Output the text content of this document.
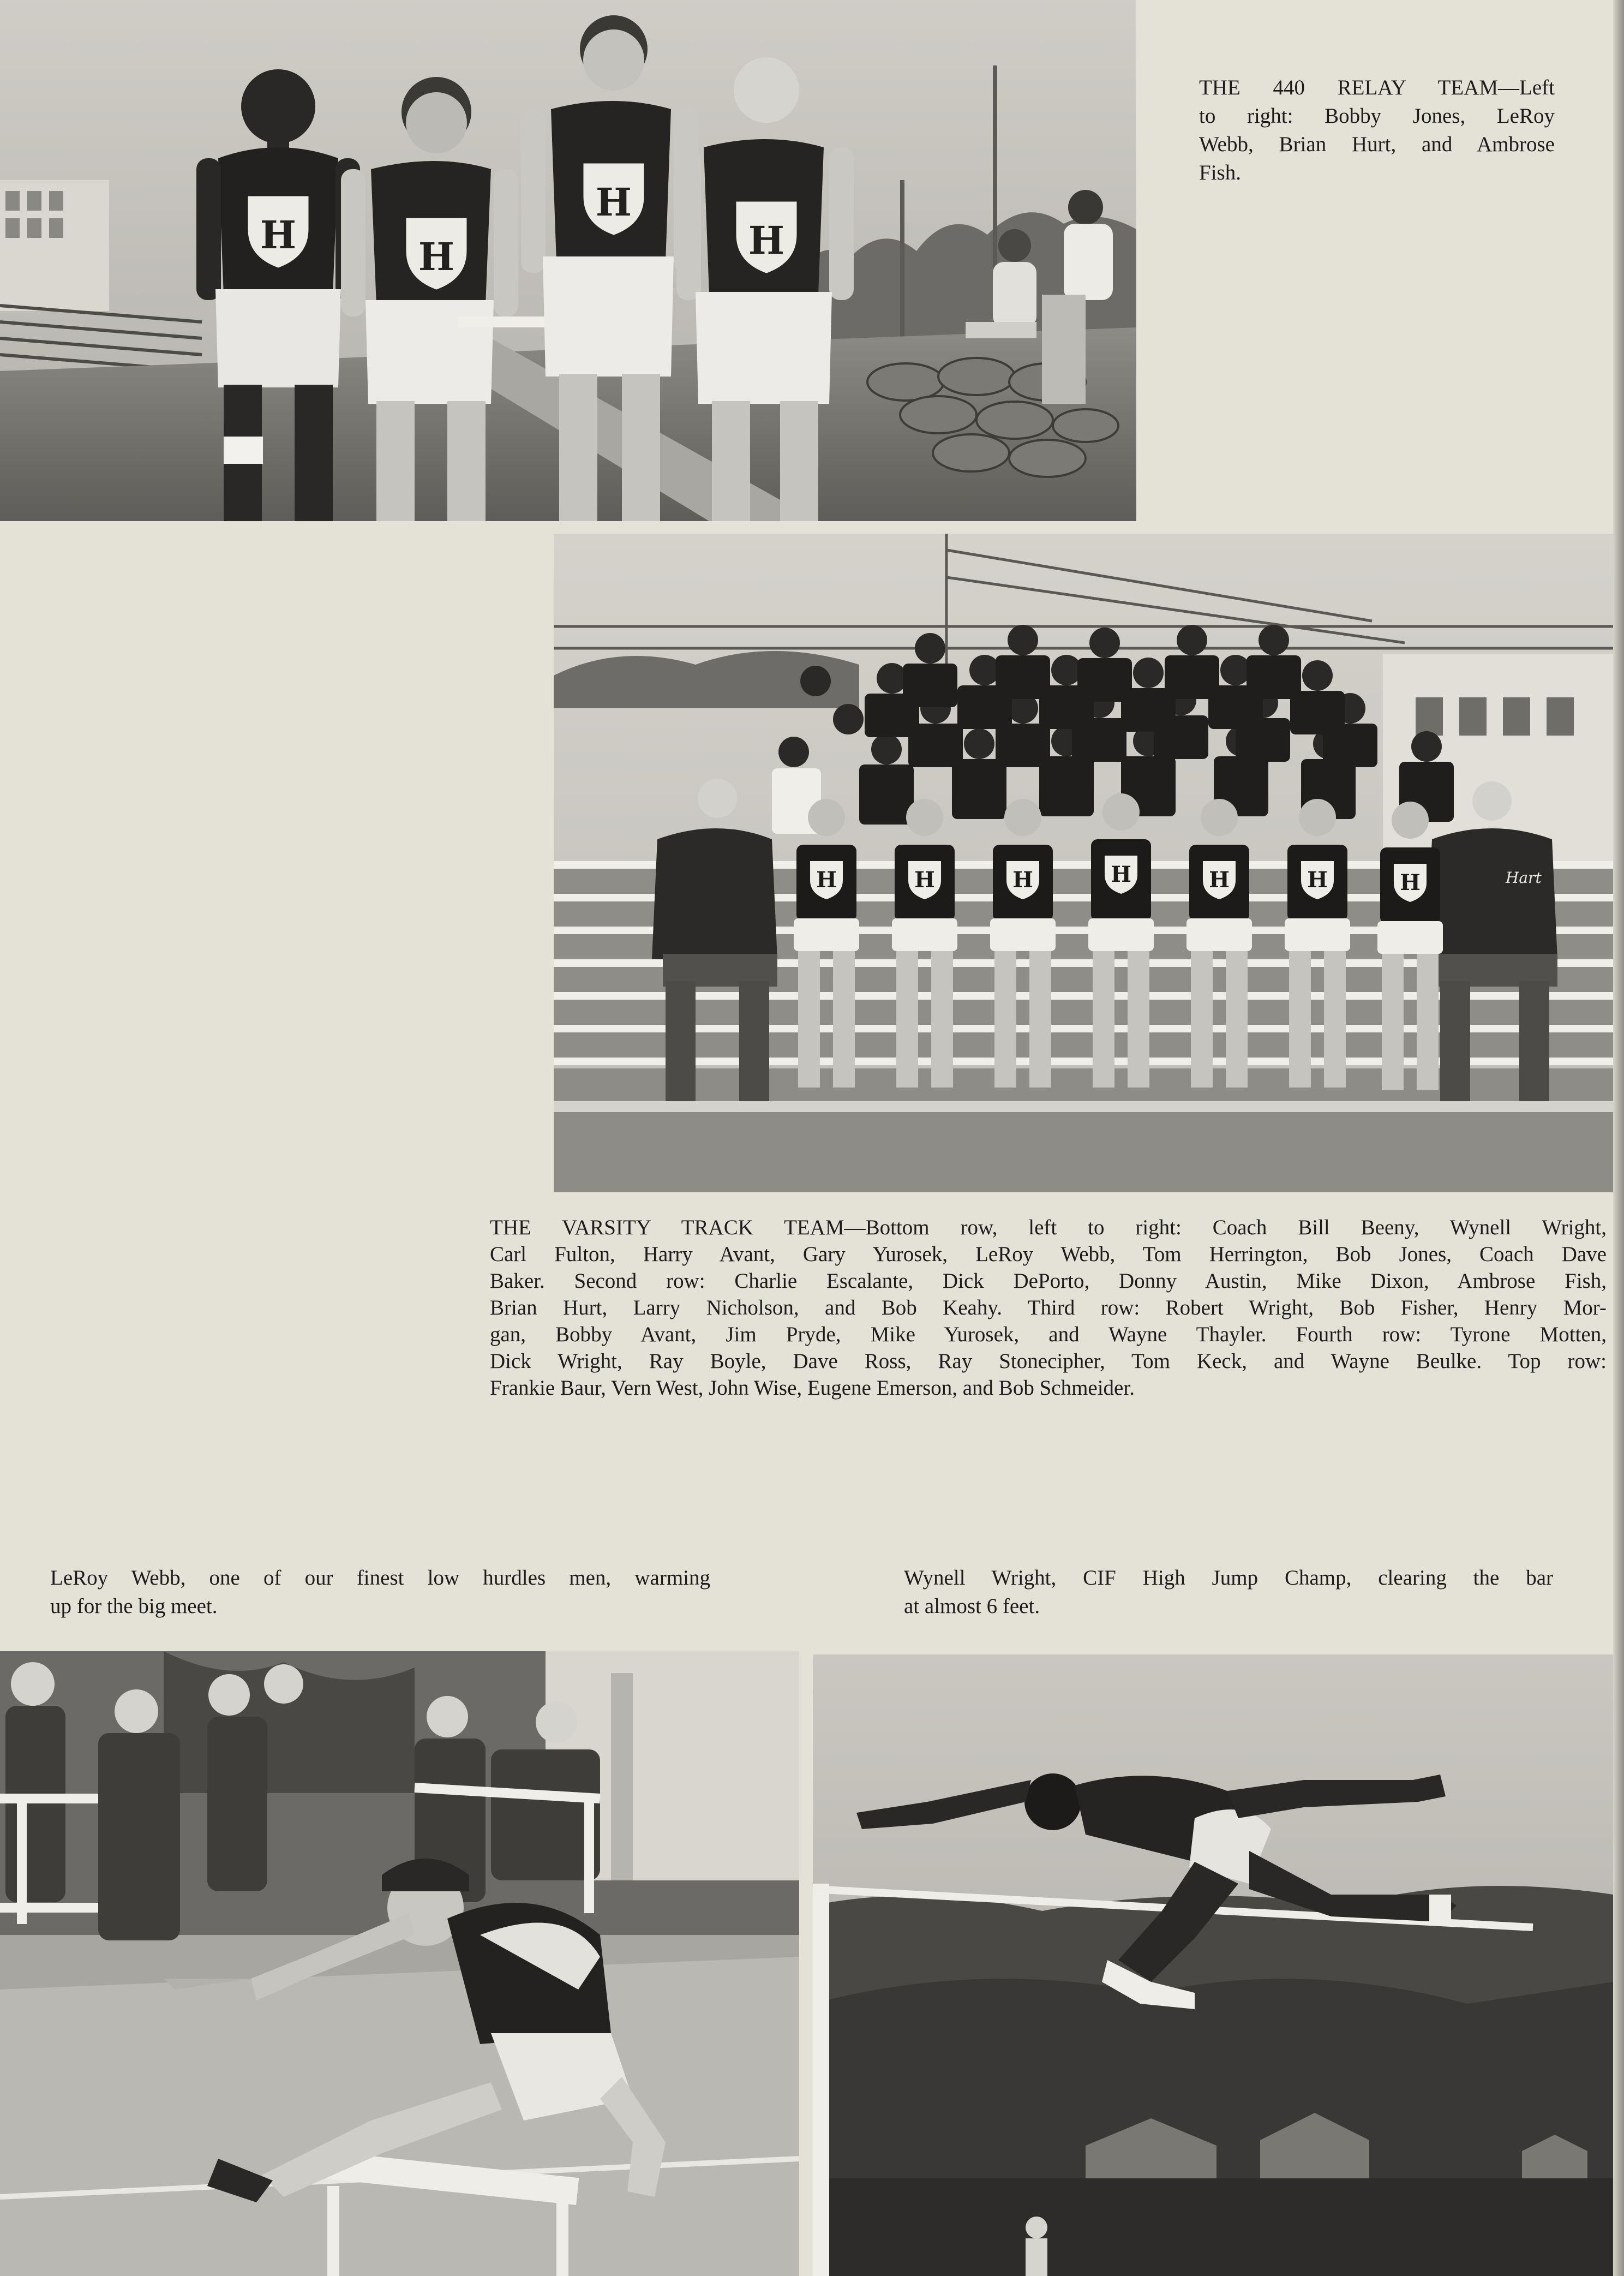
H	H
H
H
THE 440 RELAY TEAM—Left
to right: Bobby Jones, LeRoy
Webb, Brian Hurt, and Ambrose
Fish.
Hart
H	H	H	H	H	H	H
THE VARSITY TRACK TEAM—Bottom row, left to right: Coach Bill Beeny, Wynell Wright,
Carl Fulton, Harry Avant, Gary Yurosek, LeRoy Webb, Tom Herrington, Bob Jones, Coach Dave
Baker. Second row: Charlie Escalante, Dick DePorto, Donny Austin, Mike Dixon, Ambrose Fish,
Brian Hurt, Larry Nicholson, and Bob Keahy. Third row: Robert Wright, Bob Fisher, Henry Mor-
gan, Bobby Avant, Jim Pryde, Mike Yurosek, and Wayne Thayler. Fourth row: Tyrone Motten,
Dick Wright, Ray Boyle, Dave Ross, Ray Stonecipher, Tom Keck, and Wayne Beulke. Top row:
Frankie Baur, Vern West, John Wise, Eugene Emerson, and Bob Schmeider.
LeRoy Webb, one of our finest low hurdles men, warming
up for the big meet.
Wynell Wright, CIF High Jump Champ, clearing the bar
at almost 6 feet.
